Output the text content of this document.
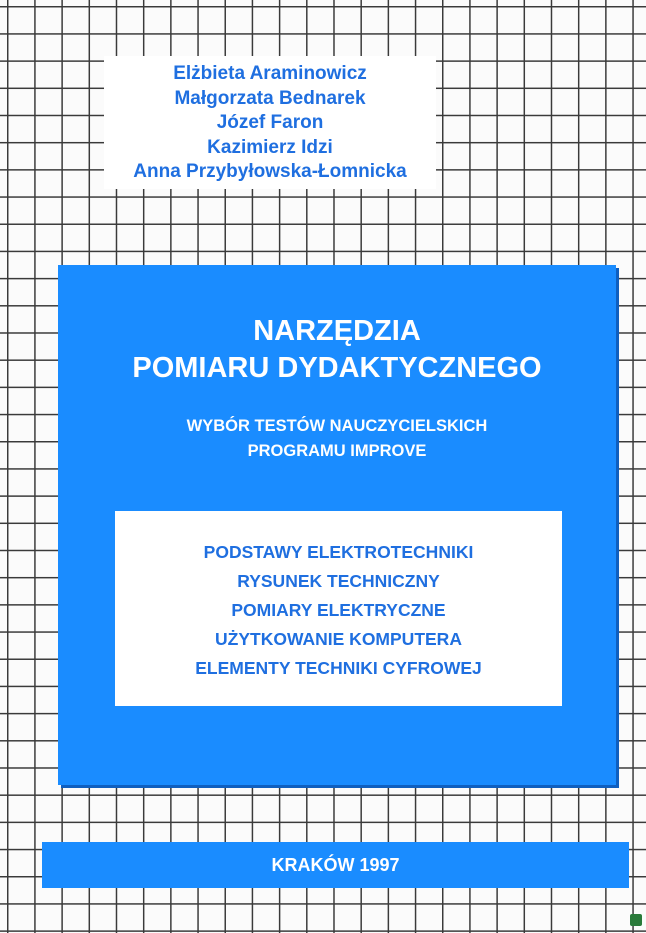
Elżbieta Araminowicz
Małgorzata Bednarek
Józef Faron
Kazimierz Idzi
Anna Przybyłowska-Łomnicka
NARZĘDZIA
POMIARU DYDAKTYCZNEGO
WYBÓR TESTÓW NAUCZYCIELSKICH
PROGRAMU IMPROVE
PODSTAWY ELEKTROTECHNIKI
RYSUNEK TECHNICZNY
POMIARY ELEKTRYCZNE
UŻYTKOWANIE KOMPUTERA
ELEMENTY TECHNIKI CYFROWEJ
KRAKÓW 1997
